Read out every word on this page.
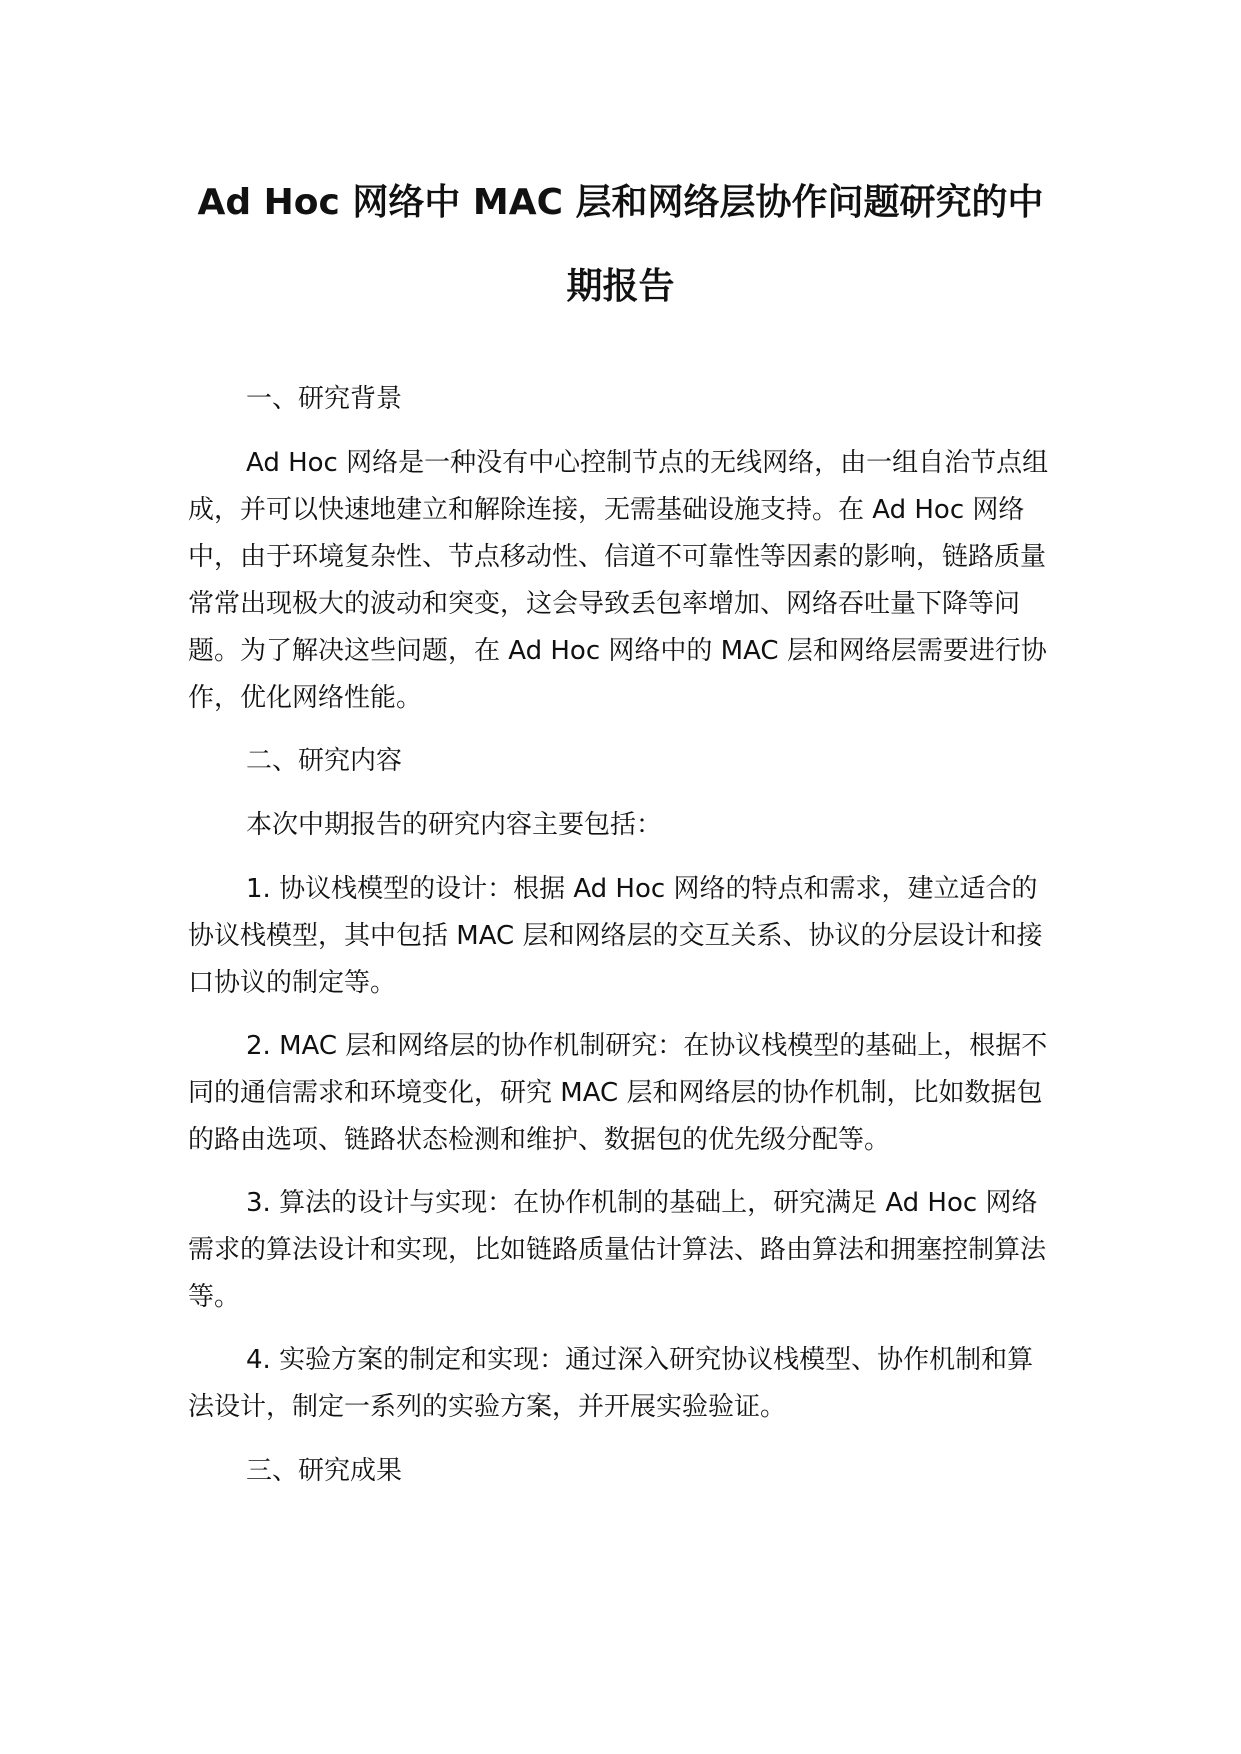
Ad Hoc 网络中 MAC 层和网络层协作问题研究的中
期报告

一、研究背景

Ad Hoc 网络是一种没有中心控制节点的无线网络，由一组自治节点组成，并可以快速地建立和解除连接，无需基础设施支持。在 Ad Hoc 网络中，由于环境复杂性、节点移动性、信道不可靠性等因素的影响，链路质量常常出现极大的波动和突变，这会导致丢包率增加、网络吞吐量下降等问题。为了解决这些问题，在 Ad Hoc 网络中的 MAC 层和网络层需要进行协作，优化网络性能。

二、研究内容

本次中期报告的研究内容主要包括：

1. 协议栈模型的设计：根据 Ad Hoc 网络的特点和需求，建立适合的协议栈模型，其中包括 MAC 层和网络层的交互关系、协议的分层设计和接口协议的制定等。

2. MAC 层和网络层的协作机制研究：在协议栈模型的基础上，根据不同的通信需求和环境变化，研究 MAC 层和网络层的协作机制，比如数据包的路由选项、链路状态检测和维护、数据包的优先级分配等。

3. 算法的设计与实现：在协作机制的基础上，研究满足 Ad Hoc 网络需求的算法设计和实现，比如链路质量估计算法、路由算法和拥塞控制算法等。

4. 实验方案的制定和实现：通过深入研究协议栈模型、协作机制和算法设计，制定一系列的实验方案，并开展实验验证。

三、研究成果
